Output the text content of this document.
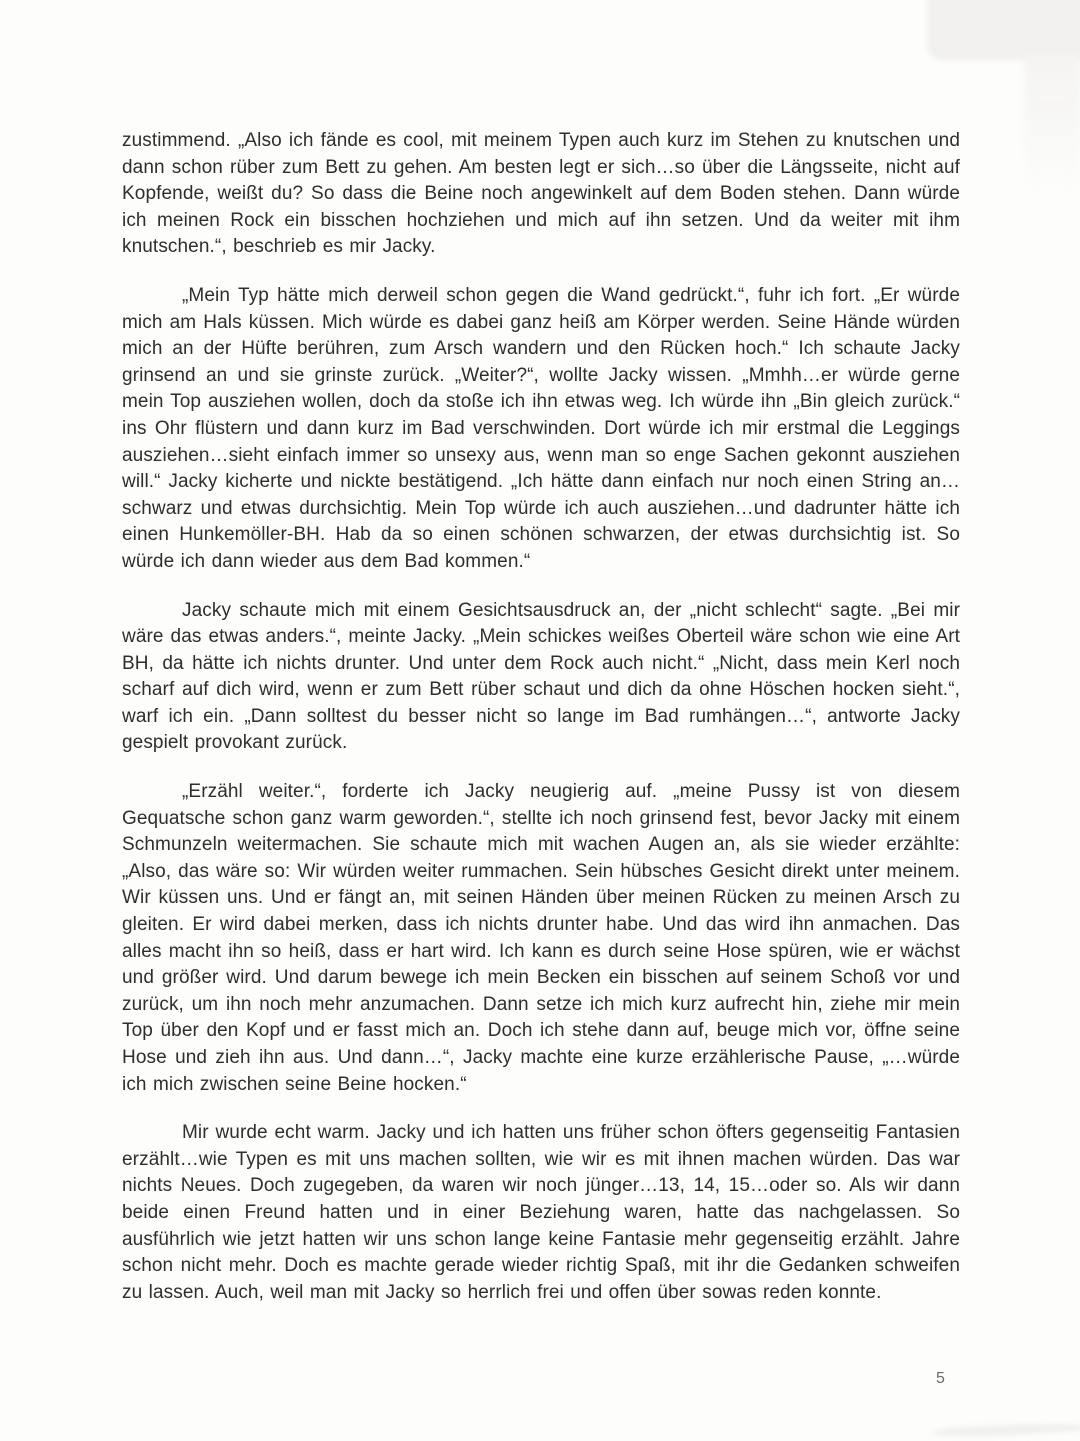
zustimmend. „Also ich fände es cool, mit meinem Typen auch kurz im Stehen zu knutschen und dann schon rüber zum Bett zu gehen. Am besten legt er sich…so über die Längsseite, nicht auf Kopfende, weißt du? So dass die Beine noch angewinkelt auf dem Boden stehen. Dann würde ich meinen Rock ein bisschen hochziehen und mich auf ihn setzen. Und da weiter mit ihm knutschen.“, beschrieb es mir Jacky.

„Mein Typ hätte mich derweil schon gegen die Wand gedrückt.“, fuhr ich fort. „Er würde mich am Hals küssen. Mich würde es dabei ganz heiß am Körper werden. Seine Hände würden mich an der Hüfte berühren, zum Arsch wandern und den Rücken hoch.“ Ich schaute Jacky grinsend an und sie grinste zurück. „Weiter?“, wollte Jacky wissen. „Mmhh…er würde gerne mein Top ausziehen wollen, doch da stoße ich ihn etwas weg. Ich würde ihn „Bin gleich zurück.“ ins Ohr flüstern und dann kurz im Bad verschwinden. Dort würde ich mir erstmal die Leggings ausziehen…sieht einfach immer so unsexy aus, wenn man so enge Sachen gekonnt ausziehen will.“ Jacky kicherte und nickte bestätigend. „Ich hätte dann einfach nur noch einen String an…schwarz und etwas durchsichtig. Mein Top würde ich auch ausziehen…und dadrunter hätte ich einen Hunkemöller-BH. Hab da so einen schönen schwarzen, der etwas durchsichtig ist. So würde ich dann wieder aus dem Bad kommen.“

Jacky schaute mich mit einem Gesichtsausdruck an, der „nicht schlecht“ sagte. „Bei mir wäre das etwas anders.“, meinte Jacky. „Mein schickes weißes Oberteil wäre schon wie eine Art BH, da hätte ich nichts drunter. Und unter dem Rock auch nicht.“ „Nicht, dass mein Kerl noch scharf auf dich wird, wenn er zum Bett rüber schaut und dich da ohne Höschen hocken sieht.“, warf ich ein. „Dann solltest du besser nicht so lange im Bad rumhängen…“, antworte Jacky gespielt provokant zurück.

„Erzähl weiter.“, forderte ich Jacky neugierig auf. „meine Pussy ist von diesem Gequatsche schon ganz warm geworden.“, stellte ich noch grinsend fest, bevor Jacky mit einem Schmunzeln weitermachen. Sie schaute mich mit wachen Augen an, als sie wieder erzählte: „Also, das wäre so: Wir würden weiter rummachen. Sein hübsches Gesicht direkt unter meinem. Wir küssen uns. Und er fängt an, mit seinen Händen über meinen Rücken zu meinen Arsch zu gleiten. Er wird dabei merken, dass ich nichts drunter habe. Und das wird ihn anmachen. Das alles macht ihn so heiß, dass er hart wird. Ich kann es durch seine Hose spüren, wie er wächst und größer wird. Und darum bewege ich mein Becken ein bisschen auf seinem Schoß vor und zurück, um ihn noch mehr anzumachen. Dann setze ich mich kurz aufrecht hin, ziehe mir mein Top über den Kopf und er fasst mich an. Doch ich stehe dann auf, beuge mich vor, öffne seine Hose und zieh ihn aus. Und dann…“, Jacky machte eine kurze erzählerische Pause, „…würde ich mich zwischen seine Beine hocken.“

Mir wurde echt warm. Jacky und ich hatten uns früher schon öfters gegenseitig Fantasien erzählt…wie Typen es mit uns machen sollten, wie wir es mit ihnen machen würden. Das war nichts Neues. Doch zugegeben, da waren wir noch jünger…13, 14, 15…oder so. Als wir dann beide einen Freund hatten und in einer Beziehung waren, hatte das nachgelassen. So ausführlich wie jetzt hatten wir uns schon lange keine Fantasie mehr gegenseitig erzählt. Jahre schon nicht mehr. Doch es machte gerade wieder richtig Spaß, mit ihr die Gedanken schweifen zu lassen. Auch, weil man mit Jacky so herrlich frei und offen über sowas reden konnte.

5
